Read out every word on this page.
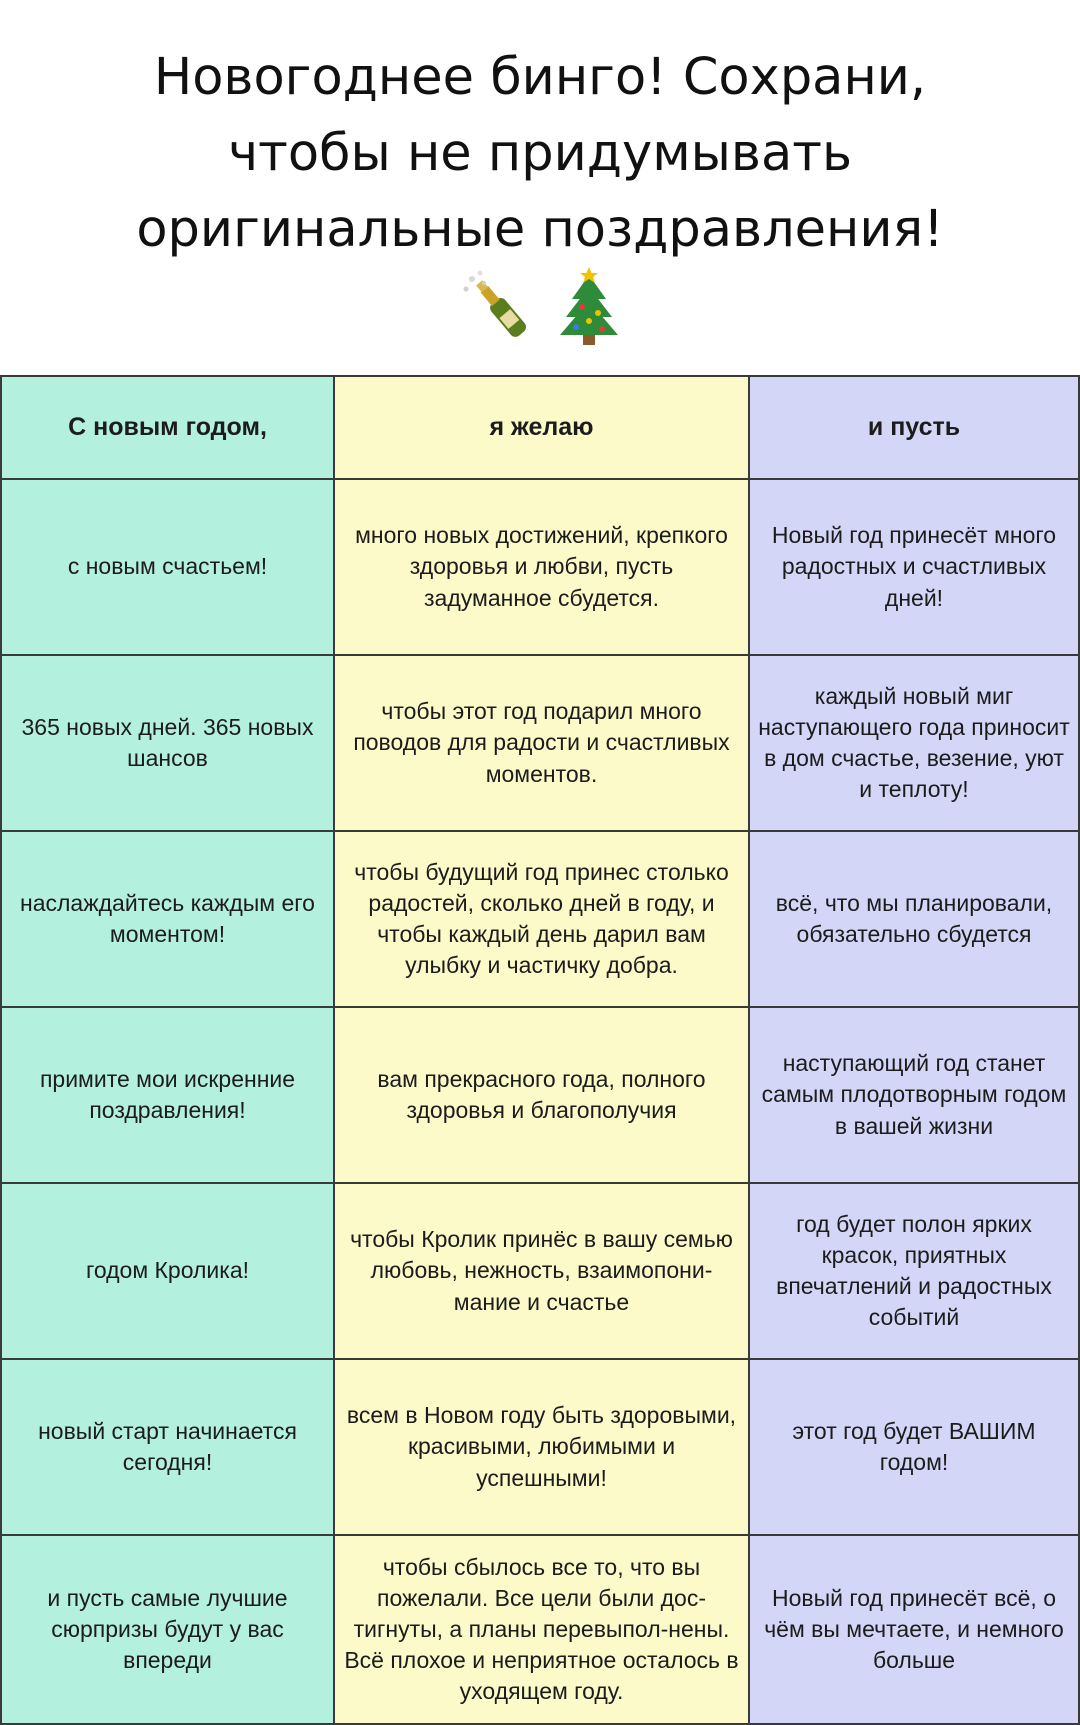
Новогоднее бинго! Сохрани,
чтобы не придумывать
оригинальные поздравления!
С новым годом,	я желаю	и пусть
с новым счастьем!
много новых достижений, крепкого здоровья и любви, пусть задуманное сбудется.
Новый год принесёт много радостных и счастливых дней!
365 новых дней. 365 новых шансов
чтобы этот год подарил много поводов для радости и счастливых моментов.
каждый новый миг наступающего года приносит в дом счастье, везение, уют и теплоту!
наслаждайтесь каждым его моментом!
чтобы будущий год принес столько радостей, сколько дней в году, и чтобы каждый день дарил вам улыбку и частичку добра.
всё, что мы планировали, обязательно сбудется
примите мои искренние поздравления!
вам прекрасного года, полного здоровья и благополучия
наступающий год станет самым плодотворным годом в вашей жизни
годом Кролика!
чтобы Кролик принёс в вашу семью любовь, нежность, взаимопони-мание и счастье
год будет полон ярких красок, приятных впечатлений и радостных событий
новый старт начинается сегодня!
всем в Новом году быть здоровыми, красивыми, любимыми и успешными!
этот год будет ВАШИМ годом!
и пусть самые лучшие сюрпризы будут у вас впереди
чтобы сбылось все то, что вы пожелали. Все цели были дос-тигнуты, а планы перевыпол-нены. Всё плохое и неприятное осталось в уходящем году.
Новый год принесёт всё, о чём вы мечтаете, и немного больше
